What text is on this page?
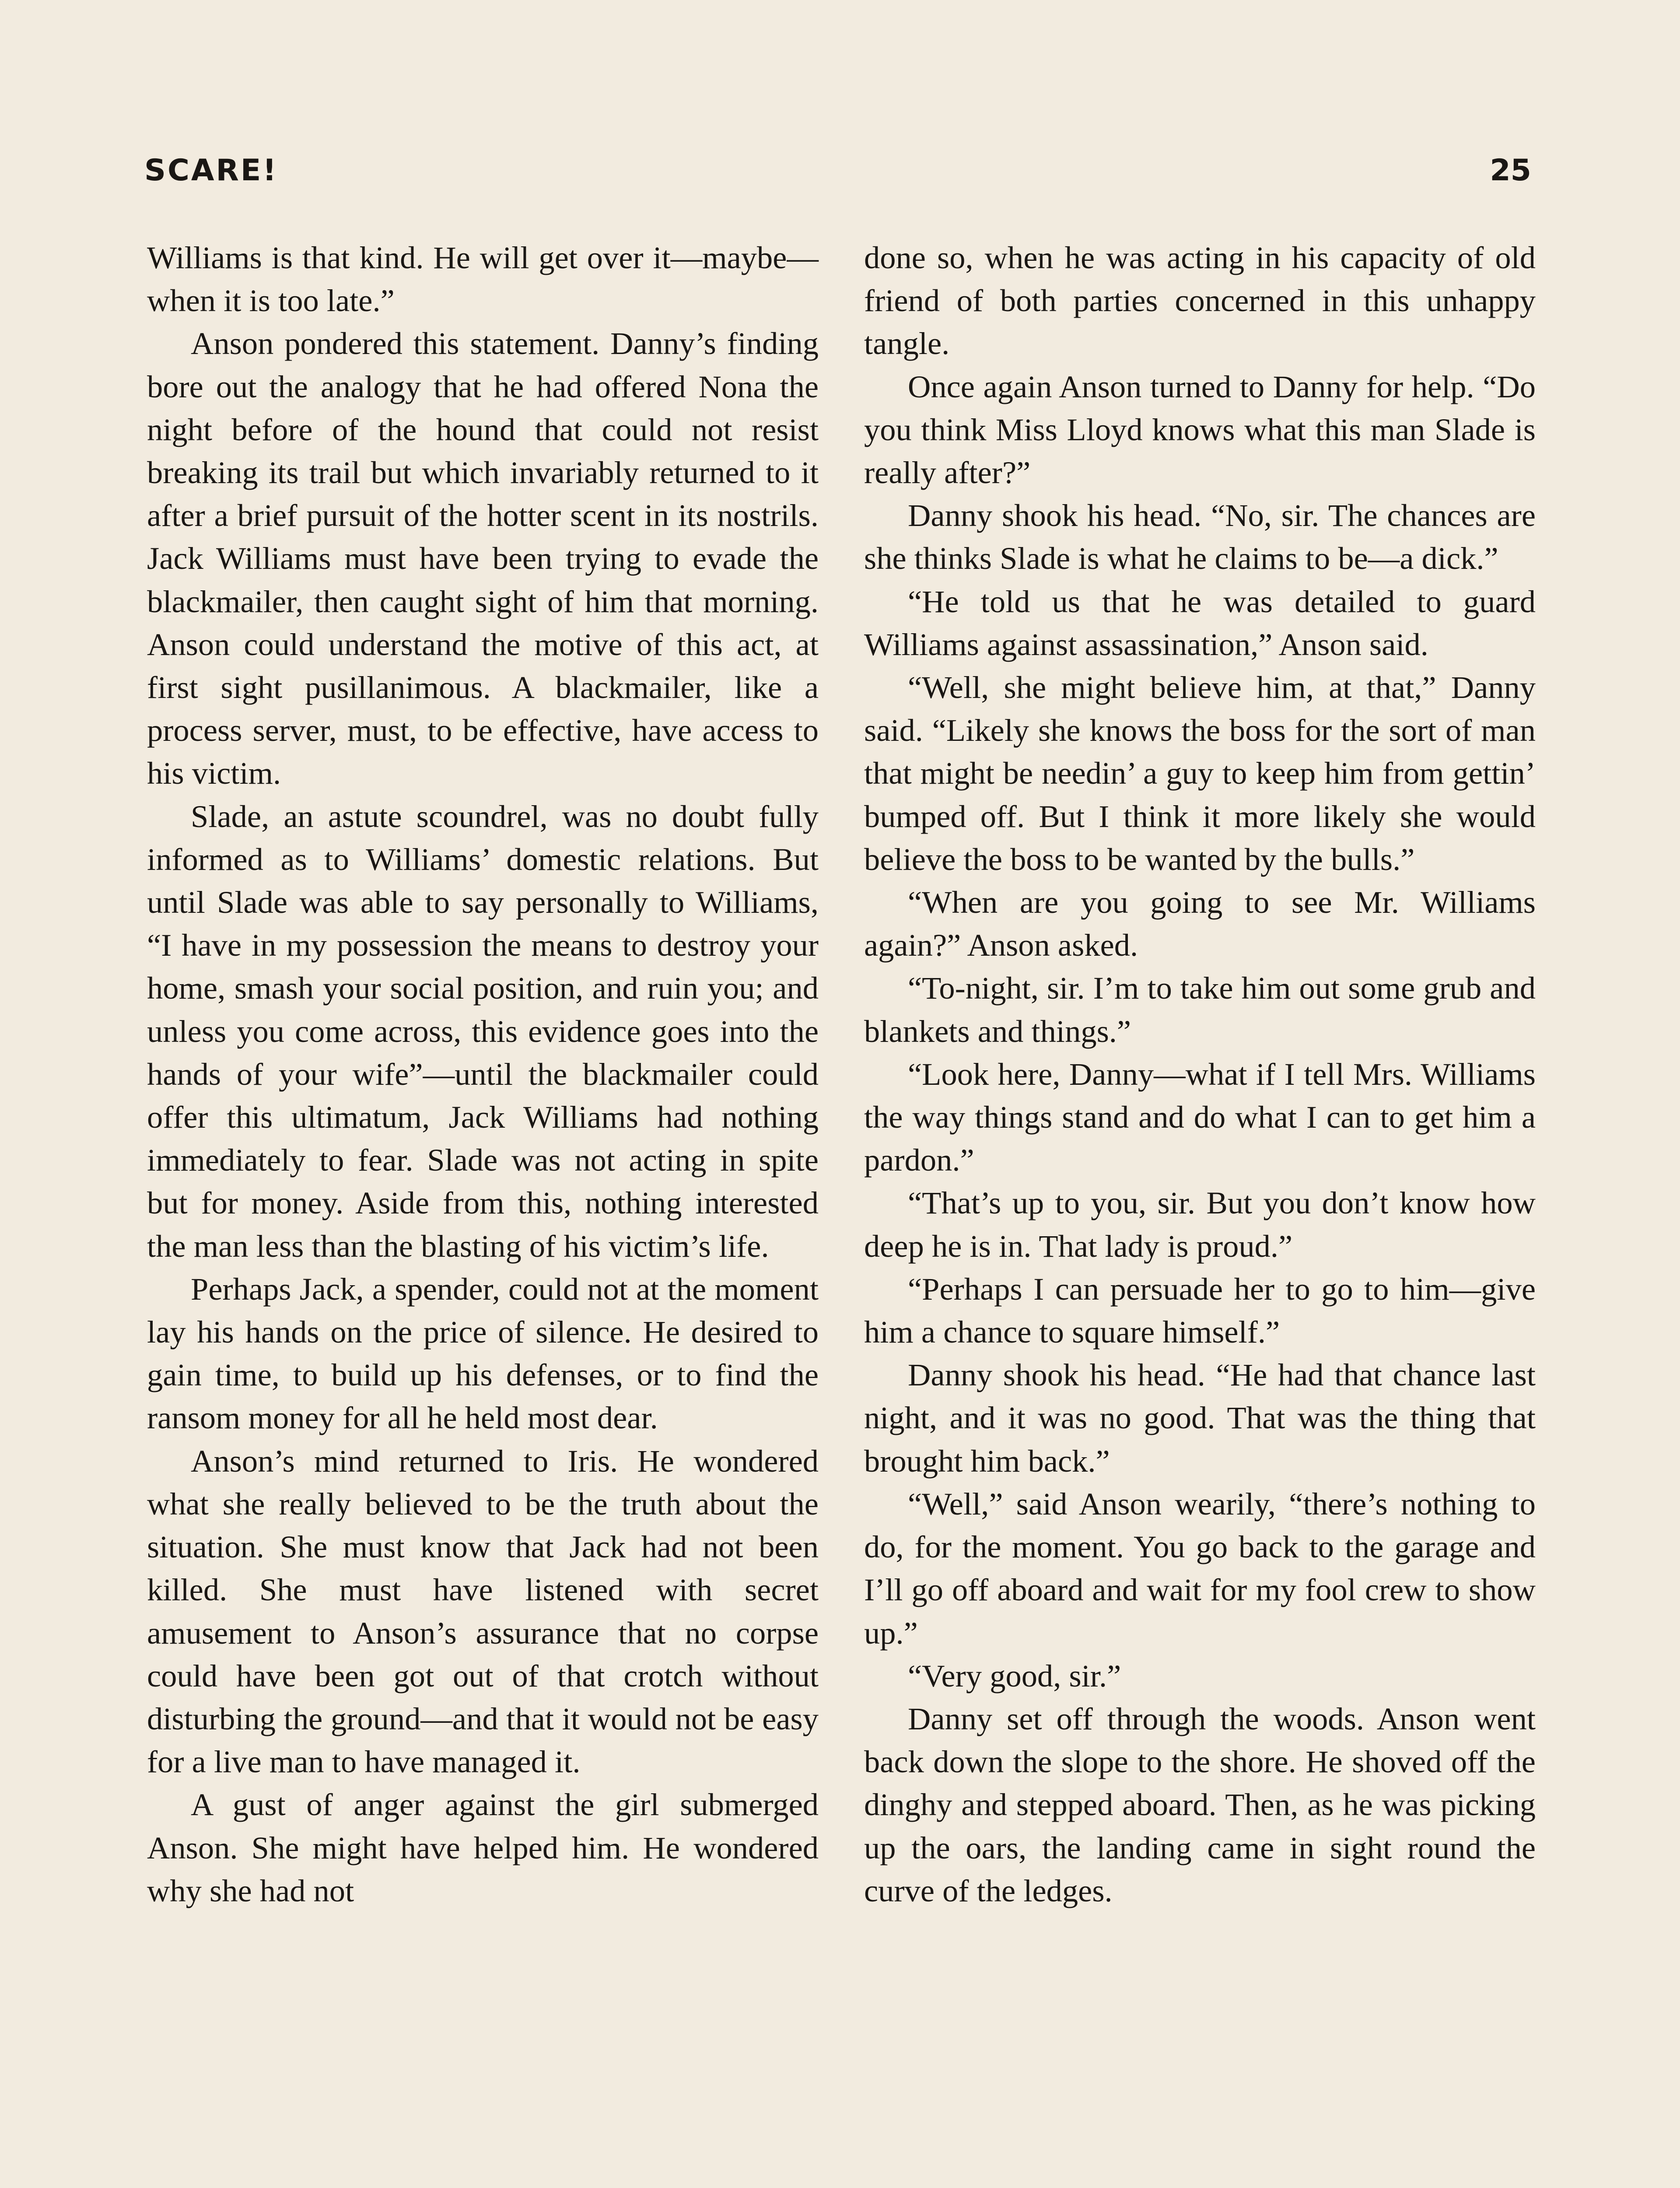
SCARE!	25

Williams is that kind. He will get over it—maybe—when it is too late.”

Anson pondered this statement. Danny’s finding bore out the analogy that he had offered Nona the night before of the hound that could not resist breaking its trail but which invariably returned to it after a brief pursuit of the hotter scent in its nostrils. Jack Williams must have been trying to evade the blackmailer, then caught sight of him that morning. Anson could understand the motive of this act, at first sight pusillanimous. A blackmailer, like a process server, must, to be effective, have access to his victim.

Slade, an astute scoundrel, was no doubt fully informed as to Williams’ domestic relations. But until Slade was able to say personally to Williams, “I have in my possession the means to destroy your home, smash your social position, and ruin you; and unless you come across, this evidence goes into the hands of your wife”—until the blackmailer could offer this ultimatum, Jack Williams had nothing immediately to fear. Slade was not acting in spite but for money. Aside from this, nothing interested the man less than the blasting of his victim’s life.

Perhaps Jack, a spender, could not at the moment lay his hands on the price of silence. He desired to gain time, to build up his defenses, or to find the ransom money for all he held most dear.

Anson’s mind returned to Iris. He wondered what she really believed to be the truth about the situation. She must know that Jack had not been killed. She must have listened with secret amusement to Anson’s assurance that no corpse could have been got out of that crotch without disturbing the ground—and that it would not be easy for a live man to have managed it.

A gust of anger against the girl submerged Anson. She might have helped him. He wondered why she had not

done so, when he was acting in his capacity of old friend of both parties concerned in this unhappy tangle.

Once again Anson turned to Danny for help. “Do you think Miss Lloyd knows what this man Slade is really after?”

Danny shook his head. “No, sir. The chances are she thinks Slade is what he claims to be—a dick.”

“He told us that he was detailed to guard Williams against assassination,” Anson said.

“Well, she might believe him, at that,” Danny said. “Likely she knows the boss for the sort of man that might be needin’ a guy to keep him from gettin’ bumped off. But I think it more likely she would believe the boss to be wanted by the bulls.”

“When are you going to see Mr. Williams again?” Anson asked.

“To-night, sir. I’m to take him out some grub and blankets and things.”

“Look here, Danny—what if I tell Mrs. Williams the way things stand and do what I can to get him a pardon.”

“That’s up to you, sir. But you don’t know how deep he is in. That lady is proud.”

“Perhaps I can persuade her to go to him—give him a chance to square himself.”

Danny shook his head. “He had that chance last night, and it was no good. That was the thing that brought him back.”

“Well,” said Anson wearily, “there’s nothing to do, for the moment. You go back to the garage and I’ll go off aboard and wait for my fool crew to show up.”

“Very good, sir.”

Danny set off through the woods. Anson went back down the slope to the shore. He shoved off the dinghy and stepped aboard. Then, as he was picking up the oars, the landing came in sight round the curve of the ledges.
